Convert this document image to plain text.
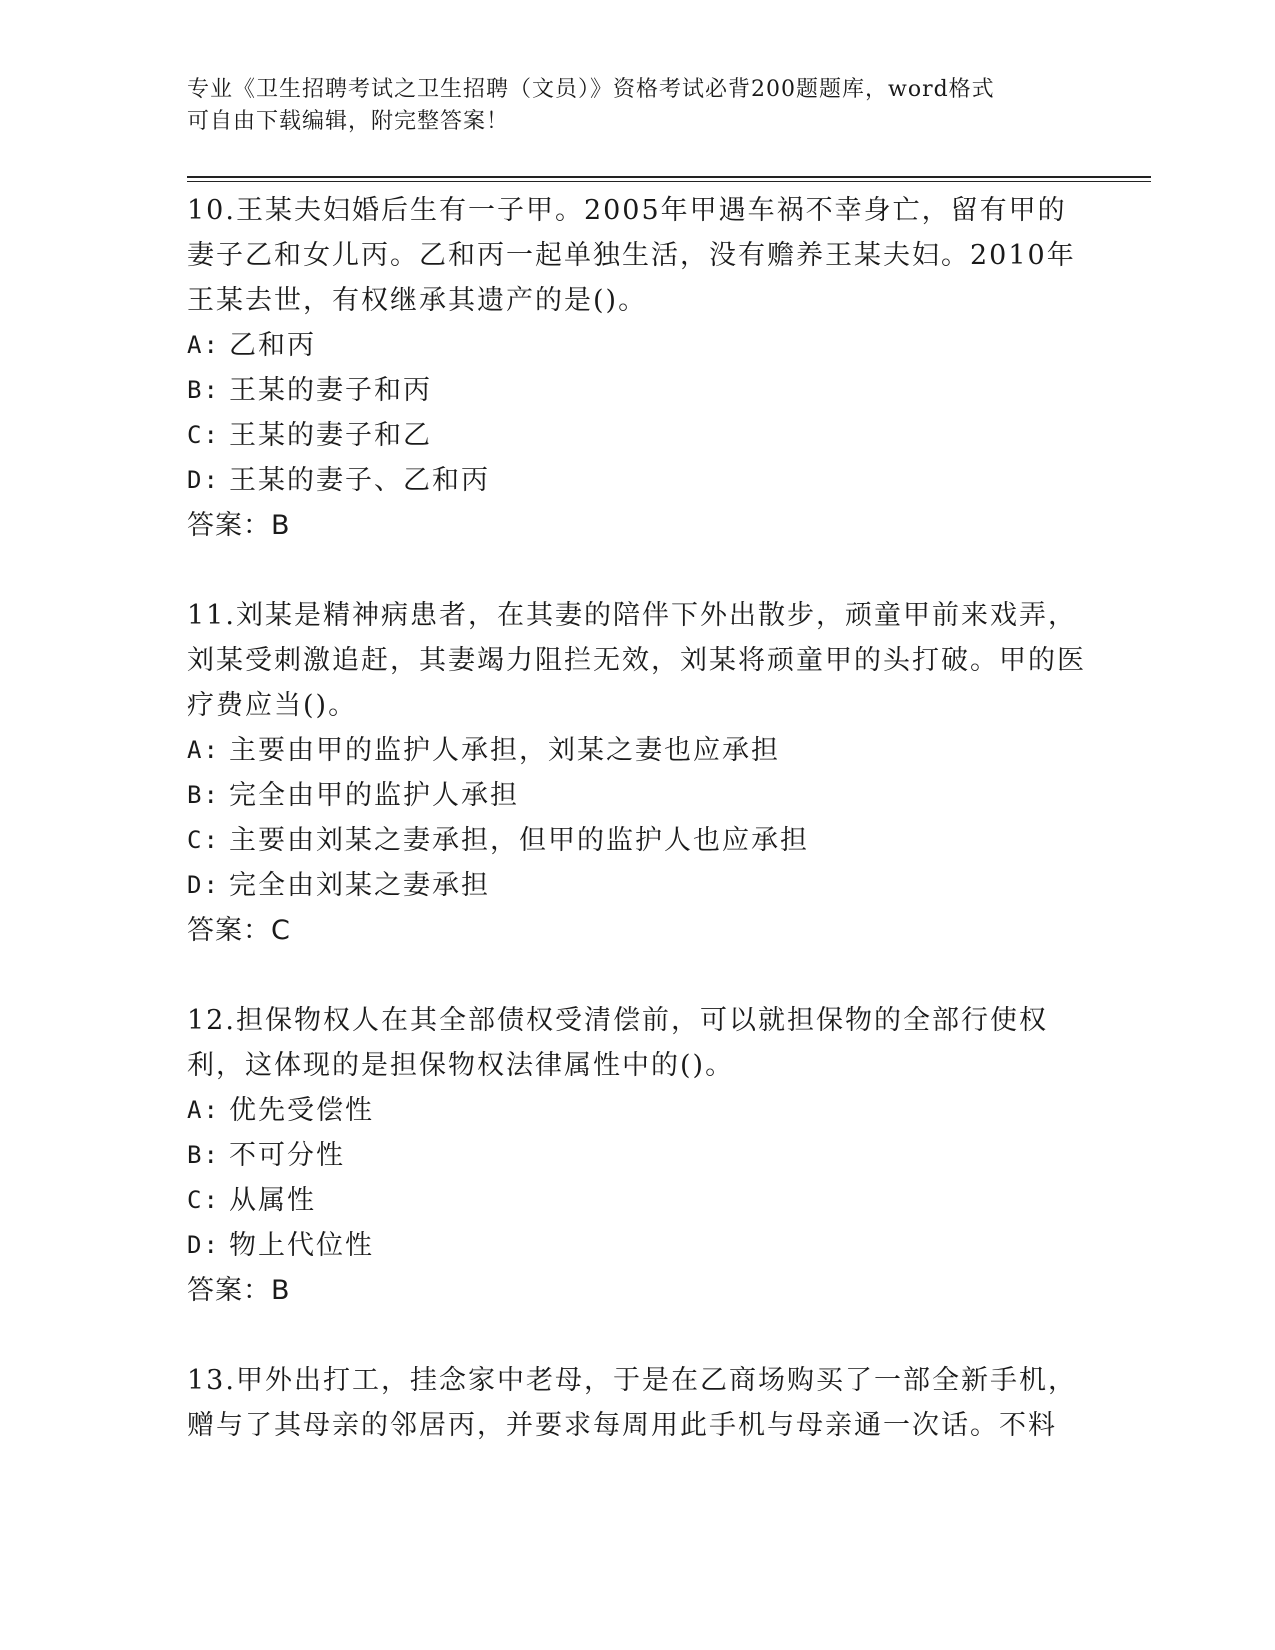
专业《卫生招聘考试之卫生招聘（文员）》资格考试必背200题题库，word格式
可自由下载编辑，附完整答案！

10.王某夫妇婚后生有一子甲。2005年甲遇车祸不幸身亡，留有甲的妻子乙和女儿丙。乙和丙一起单独生活，没有赡养王某夫妇。2010年王某去世，有权继承其遗产的是()。

A: 乙和丙
B: 王某的妻子和丙
C: 王某的妻子和乙
D: 王某的妻子、乙和丙

答案：B

11.刘某是精神病患者，在其妻的陪伴下外出散步，顽童甲前来戏弄，刘某受刺激追赶，其妻竭力阻拦无效，刘某将顽童甲的头打破。甲的医疗费应当()。

A: 主要由甲的监护人承担，刘某之妻也应承担
B: 完全由甲的监护人承担
C: 主要由刘某之妻承担，但甲的监护人也应承担
D: 完全由刘某之妻承担

答案：C

12.担保物权人在其全部债权受清偿前，可以就担保物的全部行使权利，这体现的是担保物权法律属性中的()。

A: 优先受偿性
B: 不可分性
C: 从属性
D: 物上代位性

答案：B

13.甲外出打工，挂念家中老母，于是在乙商场购买了一部全新手机，赠与了其母亲的邻居丙，并要求每周用此手机与母亲通一次话。不料
